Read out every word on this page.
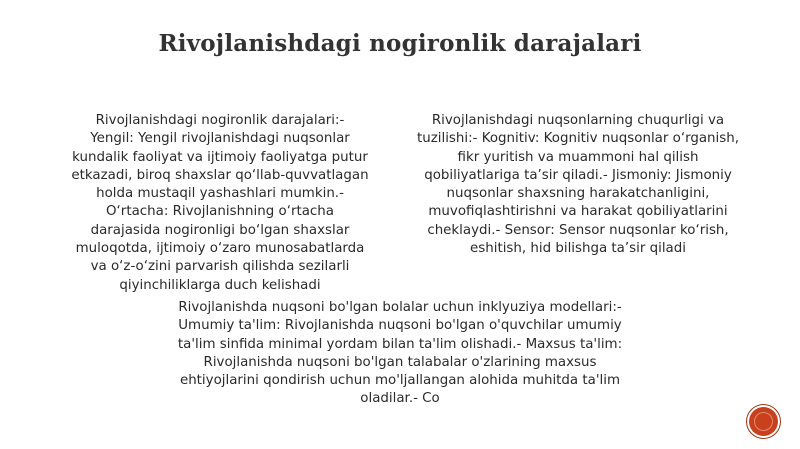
Rivojlanishdagi nogironlik darajalari
Rivojlanishdagi nogironlik darajalari:-
Yengil: Yengil rivojlanishdagi nuqsonlar
kundalik faoliyat va ijtimoiy faoliyatga putur
etkazadi, biroq shaxslar qo‘llab-quvvatlagan
holda mustaqil yashashlari mumkin.-
O‘rtacha: Rivojlanishning o‘rtacha
darajasida nogironligi bo‘lgan shaxslar
muloqotda, ijtimoiy o‘zaro munosabatlarda
va o‘z-o‘zini parvarish qilishda sezilarli
qiyinchiliklarga duch kelishadi
Rivojlanishdagi nuqsonlarning chuqurligi va
tuzilishi:- Kognitiv: Kognitiv nuqsonlar o‘rganish,
fikr yuritish va muammoni hal qilish
qobiliyatlariga ta’sir qiladi.- Jismoniy: Jismoniy
nuqsonlar shaxsning harakatchanligini,
muvofiqlashtirishni va harakat qobiliyatlarini
cheklaydi.- Sensor: Sensor nuqsonlar ko‘rish,
eshitish, hid bilishga ta’sir qiladi
Rivojlanishda nuqsoni bo'lgan bolalar uchun inklyuziya modellari:-
Umumiy ta'lim: Rivojlanishda nuqsoni bo'lgan o'quvchilar umumiy
ta'lim sinfida minimal yordam bilan ta'lim olishadi.- Maxsus ta'lim:
Rivojlanishda nuqsoni bo'lgan talabalar o'zlarining maxsus
ehtiyojlarini qondirish uchun mo'ljallangan alohida muhitda ta'lim
oladilar.- Co
